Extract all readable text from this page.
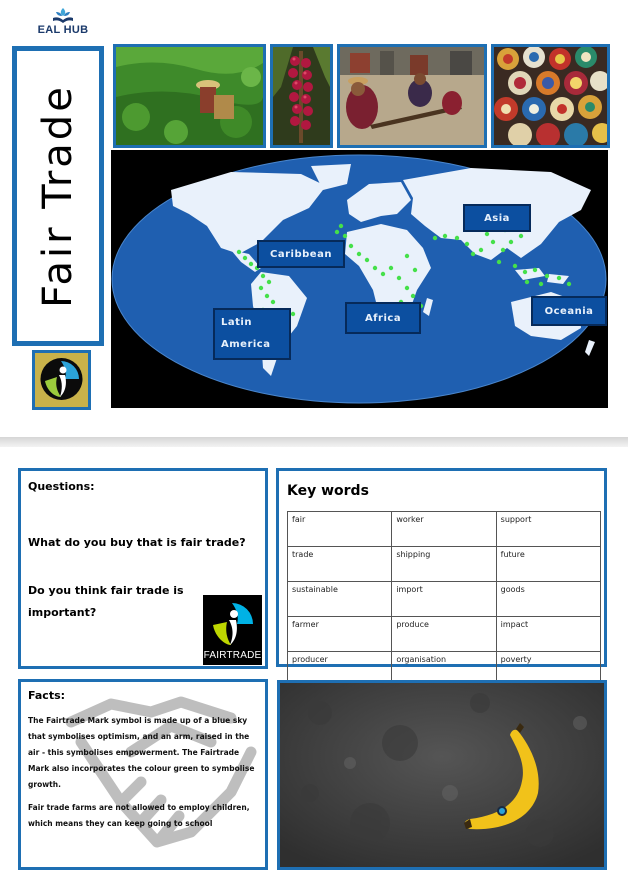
EAL HUB
Fair Trade	Caribbean
Asia
Africa
Oceania
Latin
America
Questions:
What do you buy that is fair trade?
Do you think fair trade is
important?
FAIRTRADE
Key words
fair	worker	support
trade	shipping	future
sustainable	import	goods
farmer	produce	impact
producer	organisation	poverty
Facts:
The Fairtrade Mark symbol is made up of a blue sky that symbolises optimism, and an arm, raised in the air - this symbolises empowerment. The Fairtrade Mark also incorporates the colour green to symbolise growth.
Fair trade farms are not allowed to employ children, which means they can keep going to school
